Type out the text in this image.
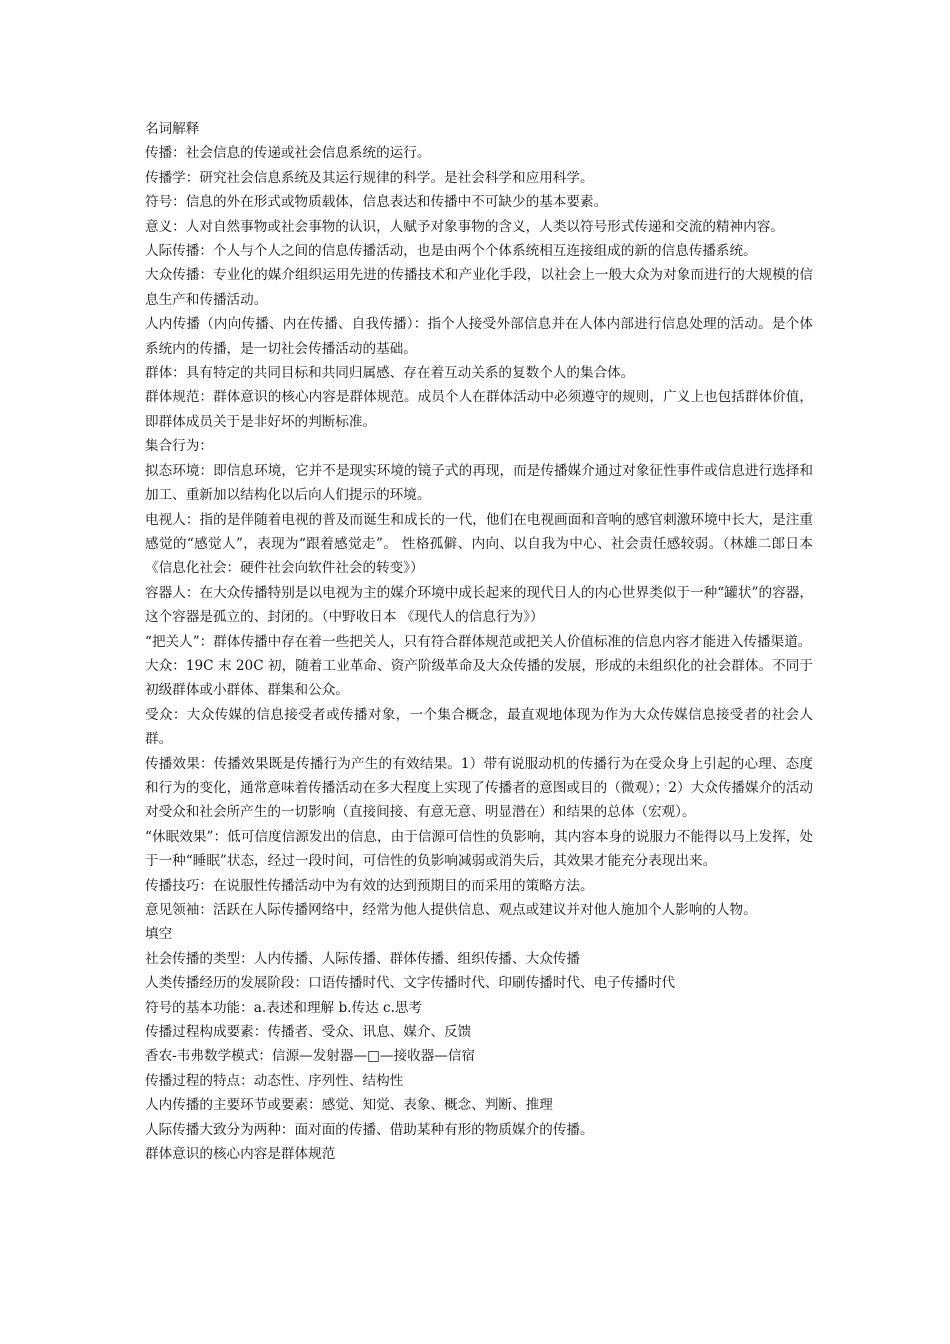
名词解释

传播：社会信息的传递或社会信息系统的运行。

传播学：研究社会信息系统及其运行规律的科学。是社会科学和应用科学。

符号：信息的外在形式或物质载体，信息表达和传播中不可缺少的基本要素。

意义：人对自然事物或社会事物的认识，人赋予对象事物的含义，人类以符号形式传递和交流的精神内容。

人际传播：个人与个人之间的信息传播活动，也是由两个个体系统相互连接组成的新的信息传播系统。

大众传播：专业化的媒介组织运用先进的传播技术和产业化手段，以社会上一般大众为对象而进行的大规模的信息生产和传播活动。

人内传播（内向传播、内在传播、自我传播）：指个人接受外部信息并在人体内部进行信息处理的活动。是个体系统内的传播，是一切社会传播活动的基础。

群体：具有特定的共同目标和共同归属感、存在着互动关系的复数个人的集合体。

群体规范：群体意识的核心内容是群体规范。成员个人在群体活动中必须遵守的规则，广义上也包括群体价值，即群体成员关于是非好坏的判断标准。

集合行为：

拟态环境：即信息环境，它并不是现实环境的镜子式的再现，而是传播媒介通过对象征性事件或信息进行选择和加工、重新加以结构化以后向人们提示的环境。

电视人：指的是伴随着电视的普及而诞生和成长的一代，他们在电视画面和音响的感官刺激环境中长大，是注重感觉的“感觉人”，表现为“跟着感觉走”。 性格孤僻、内向、以自我为中心、社会责任感较弱。（林雄二郎日本《信息化社会：硬件社会向软件社会的转变》）

容器人：在大众传播特别是以电视为主的媒介环境中成长起来的现代日人的内心世界类似于一种“罐状”的容器，这个容器是孤立的、封闭的。（中野收日本 《现代人的信息行为》）

“把关人”：群体传播中存在着一些把关人，只有符合群体规范或把关人价值标准的信息内容才能进入传播渠道。

大众：19C 末 20C 初，随着工业革命、资产阶级革命及大众传播的发展，形成的未组织化的社会群体。不同于初级群体或小群体、群集和公众。

受众：大众传媒的信息接受者或传播对象，一个集合概念，最直观地体现为作为大众传媒信息接受者的社会人群。

传播效果：传播效果既是传播行为产生的有效结果。1）带有说服动机的传播行为在受众身上引起的心理、态度和行为的变化，通常意味着传播活动在多大程度上实现了传播者的意图或目的（微观）；2）大众传播媒介的活动对受众和社会所产生的一切影响（直接间接、有意无意、明显潜在）和结果的总体（宏观）。

“休眠效果”：低可信度信源发出的信息，由于信源可信性的负影响，其内容本身的说服力不能得以马上发挥，处于一种“睡眠”状态，经过一段时间，可信性的负影响减弱或消失后，其效果才能充分表现出来。

传播技巧：在说服性传播活动中为有效的达到预期目的而采用的策略方法。

意见领袖：活跃在人际传播网络中，经常为他人提供信息、观点或建议并对他人施加个人影响的人物。

填空

社会传播的类型：人内传播、人际传播、群体传播、组织传播、大众传播

人类传播经历的发展阶段：口语传播时代、文字传播时代、印刷传播时代、电子传播时代

符号的基本功能：a.表述和理解 b.传达 c.思考

传播过程构成要素：传播者、受众、讯息、媒介、反馈

香农-韦弗数学模式：信源—发射器—□—接收器—信宿

传播过程的特点：动态性、序列性、结构性

人内传播的主要环节或要素：感觉、知觉、表象、概念、判断、推理

人际传播大致分为两种：面对面的传播、借助某种有形的物质媒介的传播。

群体意识的核心内容是群体规范
